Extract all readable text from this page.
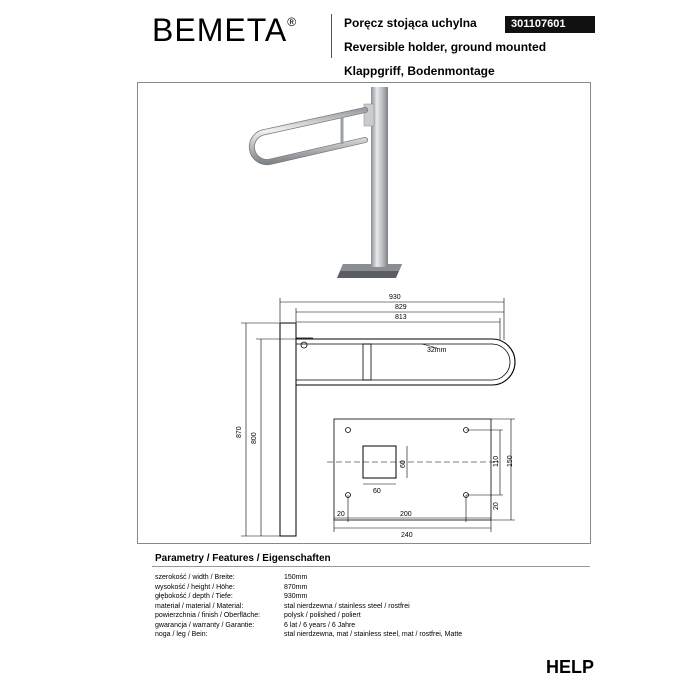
BEMETA®	Poręcz stojąca uchylna
Reversible holder, ground mounted
Klappgriff, Bodenmontage
301107601
930
829
813
32mm
870
800
150
110
60
60
20
20	200
240
Parametry / Features / Eigenschaften
szerokość / width / Breite:	150mm
wysokość / height / Höhe:	870mm
głębokość / depth / Tiefe:	930mm
materiał / material / Material:	stal nierdzewna / stainless steel / rostfrei
powierzchnia / finish / Oberfläche:	polysk / polished / poliert
gwarancja / warranty / Garantie:	6 lat / 6 years / 6 Jahre
noga / leg / Bein:	stal nierdzewna, mat / stainless steel, mat / rostfrei, Matte
HELP
